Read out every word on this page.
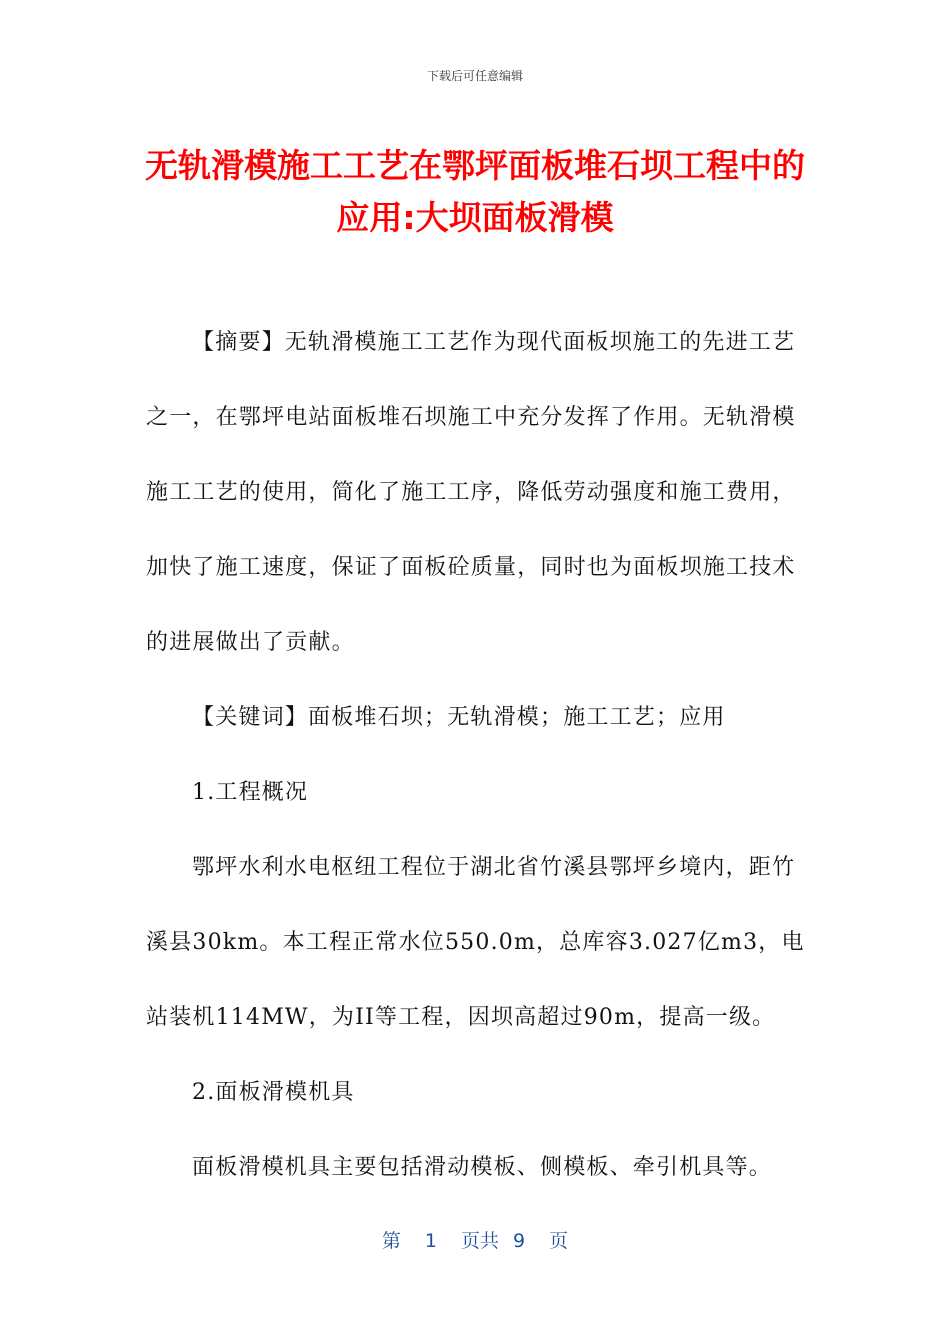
下载后可任意编辑
无轨滑模施工工艺在鄂坪面板堆石坝工程中的应用:大坝面板滑模

【摘要】无轨滑模施工工艺作为现代面板坝施工的先进工艺之一，在鄂坪电站面板堆石坝施工中充分发挥了作用。无轨滑模施工工艺的使用，简化了施工工序，降低劳动强度和施工费用，加快了施工速度，保证了面板砼质量，同时也为面板坝施工技术的进展做出了贡献。

【关键词】面板堆石坝；无轨滑模；施工工艺；应用

1.工程概况

鄂坪水利水电枢纽工程位于湖北省竹溪县鄂坪乡境内，距竹溪县30km。本工程正常水位550.0m，总库容3.027亿m3，电站装机114MW，为II等工程，因坝高超过90m，提高一级。

2.面板滑模机具

面板滑模机具主要包括滑动模板、侧模板、牵引机具等。

第 1 页共 9 页
